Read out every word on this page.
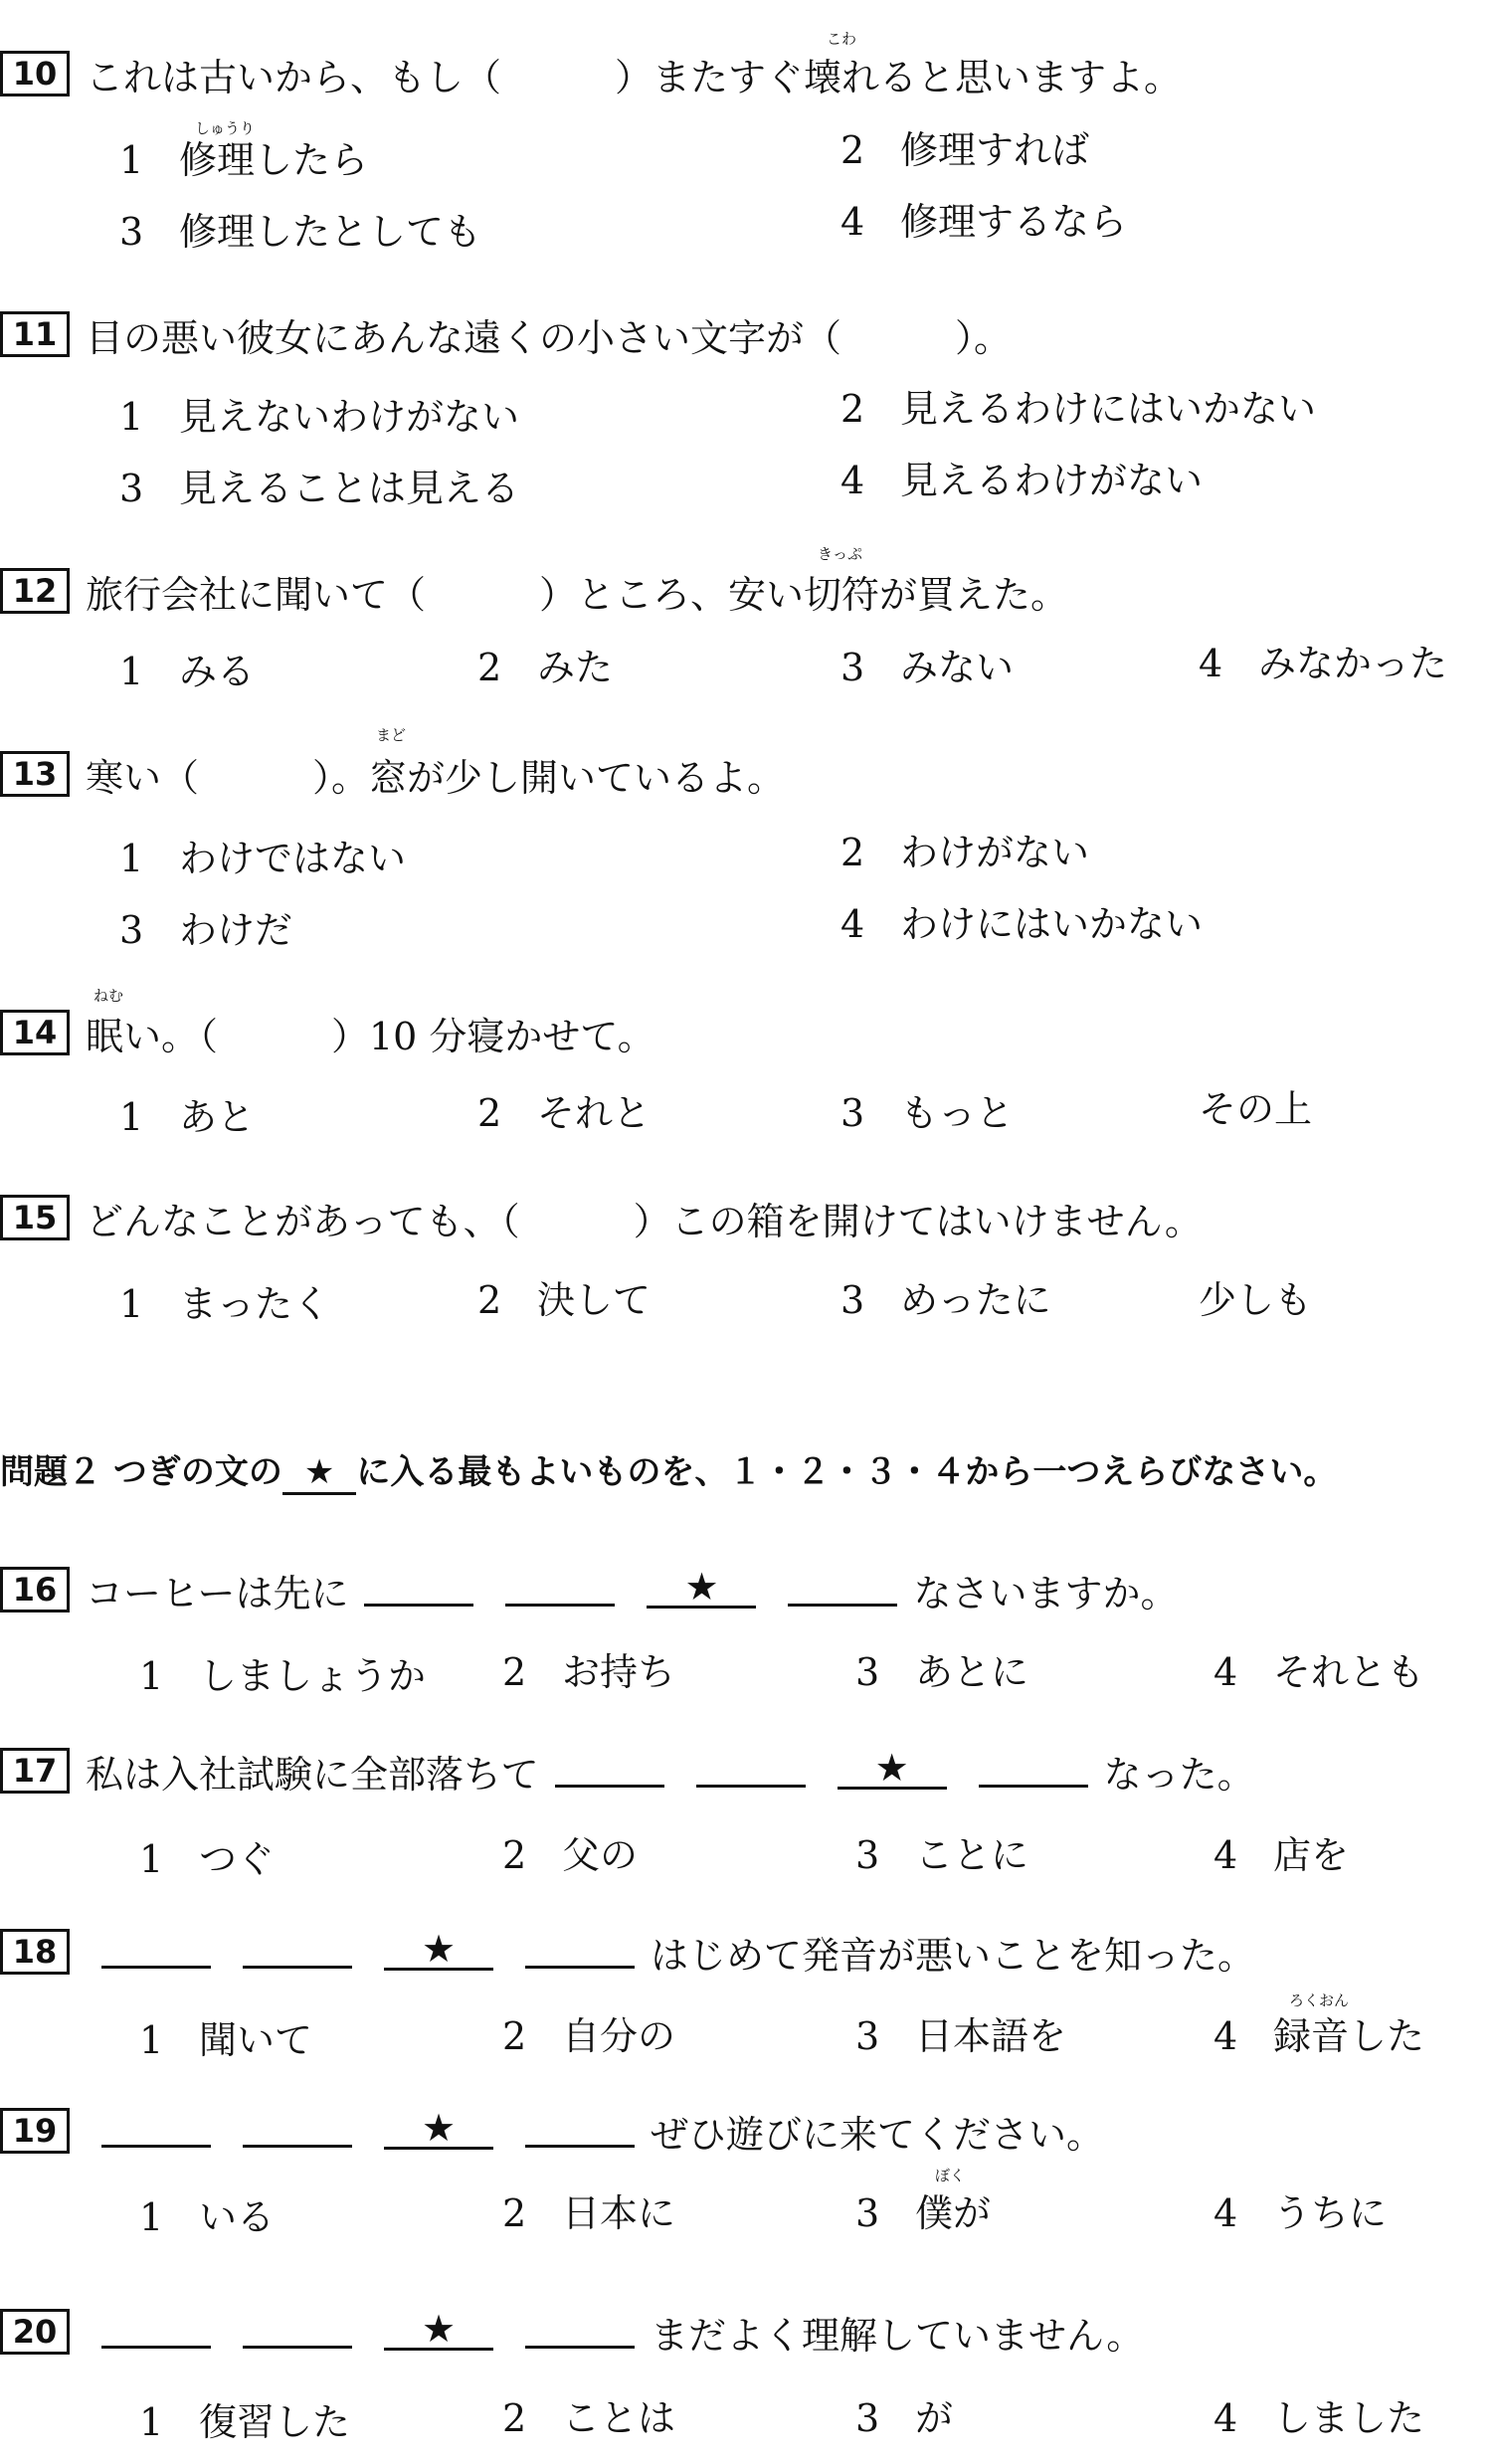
10 これは古いから、もし（　　　）またすぐ壊れると思いますよ。
こわ
しゅうり
1 修理したら	2 修理すれば
3 修理したとしても	4 修理するなら
11 目の悪い彼女にあんな遠くの小さい文字が（　　　）。
1 見えないわけがない	2 見えるわけにはいかない
3 見えることは見える	4 見えるわけがない
12 旅行会社に聞いて（　　　）ところ、安い切符が買えた。
きっぷ
1 みる	2 みた	3 みない	4 みなかった
13 寒い（　　　）。窓が少し開いているよ。
まど
1 わけではない	2 わけがない
3 わけだ	4 わけにはいかない
14 眠い。（　　　）10 分寝かせて。
ねむ
1 あと	2 それと	3 もっと	その上
15 どんなことがあっても、（　　　）この箱を開けてはいけません。
1 まったく	2 決して	3 めったに	少しも
問題２ つぎの文の ★ に入る最もよいものを、１・２・３・４から一つえらびなさい。
16 コーヒーは先に	★	なさいますか。
1 しましょうか 2 お持ち	3 あとに	4 それとも
17 私は入社試験に全部落ちて	★	なった。
1 つぐ	2 父の	3 ことに	4 店を
18	★	はじめて発音が悪いことを知った。
ろくおん
1 聞いて	2 自分の	3 日本語を	4 録音した
19	★	ぜひ遊びに来てください。
ぼく
1 いる	2 日本に	3 僕が	4 うちに
20	★	まだよく理解していません。
1 復習した	2 ことは	3 が	4 しました
